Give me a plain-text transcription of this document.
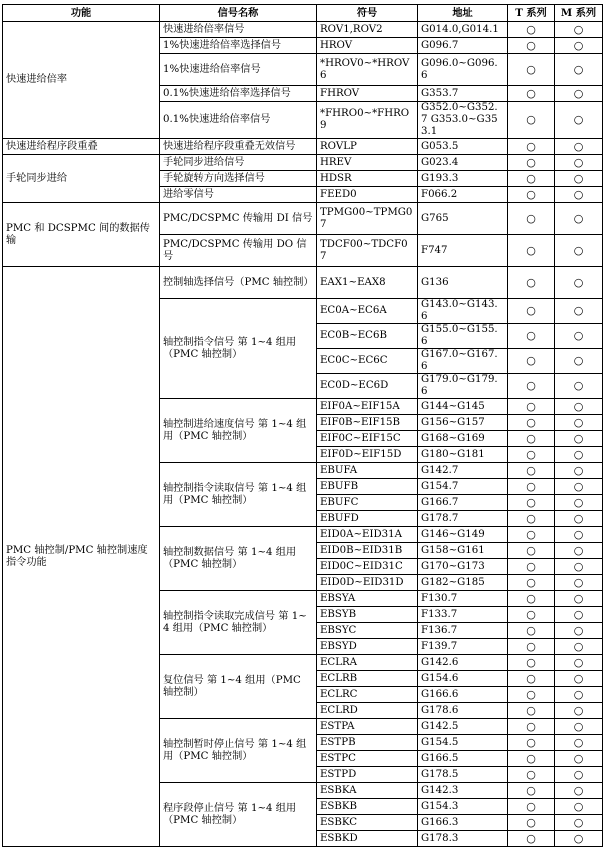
功能	信号名称	符号	地址	T 系列	M 系列
快速进给倍率	快速进给倍率信号	ROV1,ROV2	G014.0,G014.1	○	○
	1%快速进给倍率选择信号	HROV	G096.7	○	○
	1%快速进给倍率信号	*HROV0~*HROV6	G096.0~G096.6	○	○
	0.1%快速进给倍率选择信号	FHROV	G353.7	○	○
	0.1%快速进给倍率信号	*FHRO0~*FHRO9	G352.0~G352.7 G353.0~G353.1	○	○
快速进给程序段重叠	快速进给程序段重叠无效信号	ROVLP	G053.5	○	○
手轮同步进给	手轮同步进给信号	HREV	G023.4	○	○
	手轮旋转方向选择信号	HDSR	G193.3	○	○
	进给零信号	FEED0	F066.2	○	○
PMC 和 DCSPMC 间的数据传输	PMC/DCSPMC 传输用 DI 信号	TPMG00~TPMG07	G765	○	○
	PMC/DCSPMC 传输用 DO 信号	TDCF00~TDCF07	F747	○	○
PMC 轴控制/PMC 轴控制速度指令功能	控制轴选择信号（PMC 轴控制）	EAX1~EAX8	G136	○	○
	轴控制指令信号 第 1~4 组用（PMC 轴控制）	EC0A~EC6A	G143.0~G143.6	○	○
		EC0B~EC6B	G155.0~G155.6	○	○
		EC0C~EC6C	G167.0~G167.6	○	○
		EC0D~EC6D	G179.0~G179.6	○	○
	轴控制进给速度信号 第 1~4 组用（PMC 轴控制）	EIF0A~EIF15A	G144~G145	○	○
		EIF0B~EIF15B	G156~G157	○	○
		EIF0C~EIF15C	G168~G169	○	○
		EIF0D~EIF15D	G180~G181	○	○
	轴控制指令读取信号 第 1~4 组用（PMC 轴控制）	EBUFA	G142.7	○	○
		EBUFB	G154.7	○	○
		EBUFC	G166.7	○	○
		EBUFD	G178.7	○	○
	轴控制数据信号 第 1~4 组用（PMC 轴控制）	EID0A~EID31A	G146~G149	○	○
		EID0B~EID31B	G158~G161	○	○
		EID0C~EID31C	G170~G173	○	○
		EID0D~EID31D	G182~G185	○	○
	轴控制指令读取完成信号 第 1~4 组用（PMC 轴控制）	EBSYA	F130.7	○	○
		EBSYB	F133.7	○	○
		EBSYC	F136.7	○	○
		EBSYD	F139.7	○	○
	复位信号 第 1~4 组用（PMC 轴控制）	ECLRA	G142.6	○	○
		ECLRB	G154.6	○	○
		ECLRC	G166.6	○	○
		ECLRD	G178.6	○	○
	轴控制暂时停止信号 第 1~4 组用（PMC 轴控制）	ESTPA	G142.5	○	○
		ESTPB	G154.5	○	○
		ESTPC	G166.5	○	○
		ESTPD	G178.5	○	○
	程序段停止信号 第 1~4 组用（PMC 轴控制）	ESBKA	G142.3	○	○
		ESBKB	G154.3	○	○
		ESBKC	G166.3	○	○
		ESBKD	G178.3	○	○
